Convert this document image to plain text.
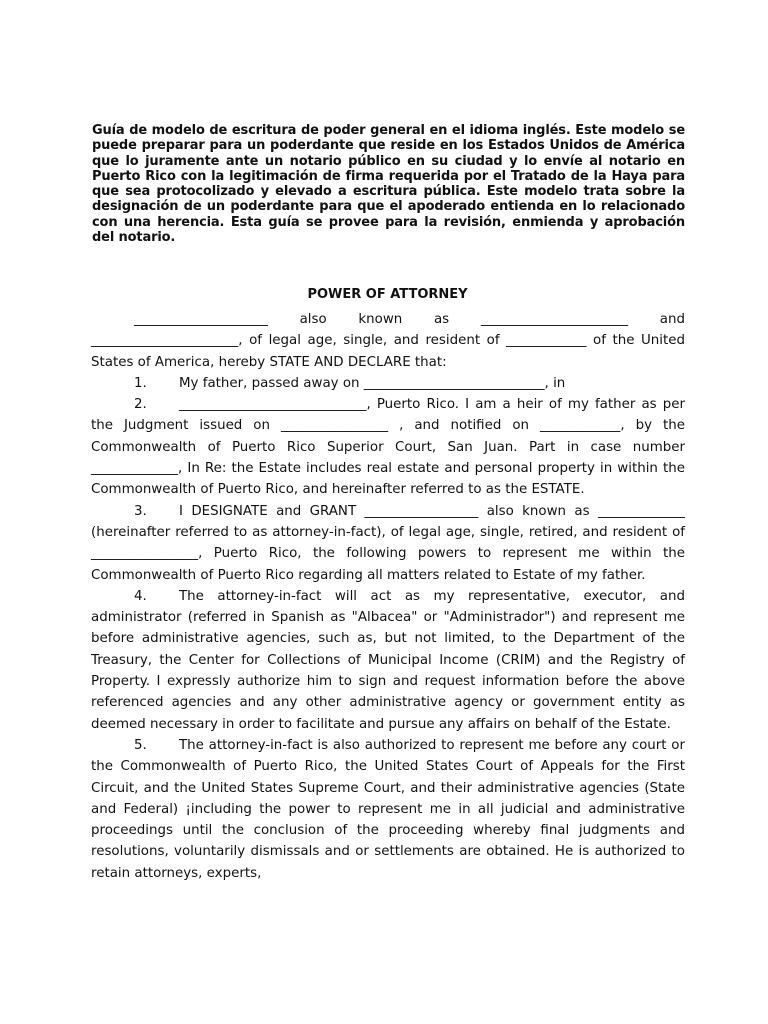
Guía de modelo de escritura de poder general en el idioma inglés. Este modelo se puede preparar para un poderdante que reside en los Estados Unidos de América que lo juramente ante un notario público en su ciudad y lo envíe al notario en Puerto Rico con la legitimación de firma requerida por el Tratado de la Haya para que sea protocolizado y elevado a escritura pública. Este modelo trata sobre la designación de un poderdante para que el apoderado entienda en lo relacionado con una herencia. Esta guía se provee para la revisión, enmienda y aprobación del notario.

POWER OF ATTORNEY

____________________ also known as ______________________ and ______________________, of legal age, single, and resident of ____________ of the United States of America, hereby STATE AND DECLARE that:

1. My father, passed away on ___________________________, in

2. ____________________________, Puerto Rico. I am a heir of my father as per the Judgment issued on ________________ , and notified on ____________, by the Commonwealth of Puerto Rico Superior Court, San Juan. Part in case number _____________, In Re: the Estate includes real estate and personal property in within the Commonwealth of Puerto Rico, and hereinafter referred to as the ESTATE.

3. I DESIGNATE and GRANT _________________ also known as _____________ (hereinafter referred to as attorney-in-fact), of legal age, single, retired, and resident of ________________, Puerto Rico, the following powers to represent me within the Commonwealth of Puerto Rico regarding all matters related to Estate of my father.

4. The attorney-in-fact will act as my representative, executor, and administrator (referred in Spanish as "Albacea" or "Administrador") and represent me before administrative agencies, such as, but not limited, to the Department of the Treasury, the Center for Collections of Municipal Income (CRIM) and the Registry of Property. I expressly authorize him to sign and request information before the above referenced agencies and any other administrative agency or government entity as deemed necessary in order to facilitate and pursue any affairs on behalf of the Estate.

5. The attorney-in-fact is also authorized to represent me before any court or the Commonwealth of Puerto Rico, the United States Court of Appeals for the First Circuit, and the United States Supreme Court, and their administrative agencies (State and Federal) ¡including the power to represent me in all judicial and administrative proceedings until the conclusion of the proceeding whereby final judgments and resolutions, voluntarily dismissals and or settlements are obtained. He is authorized to retain attorneys, experts,
